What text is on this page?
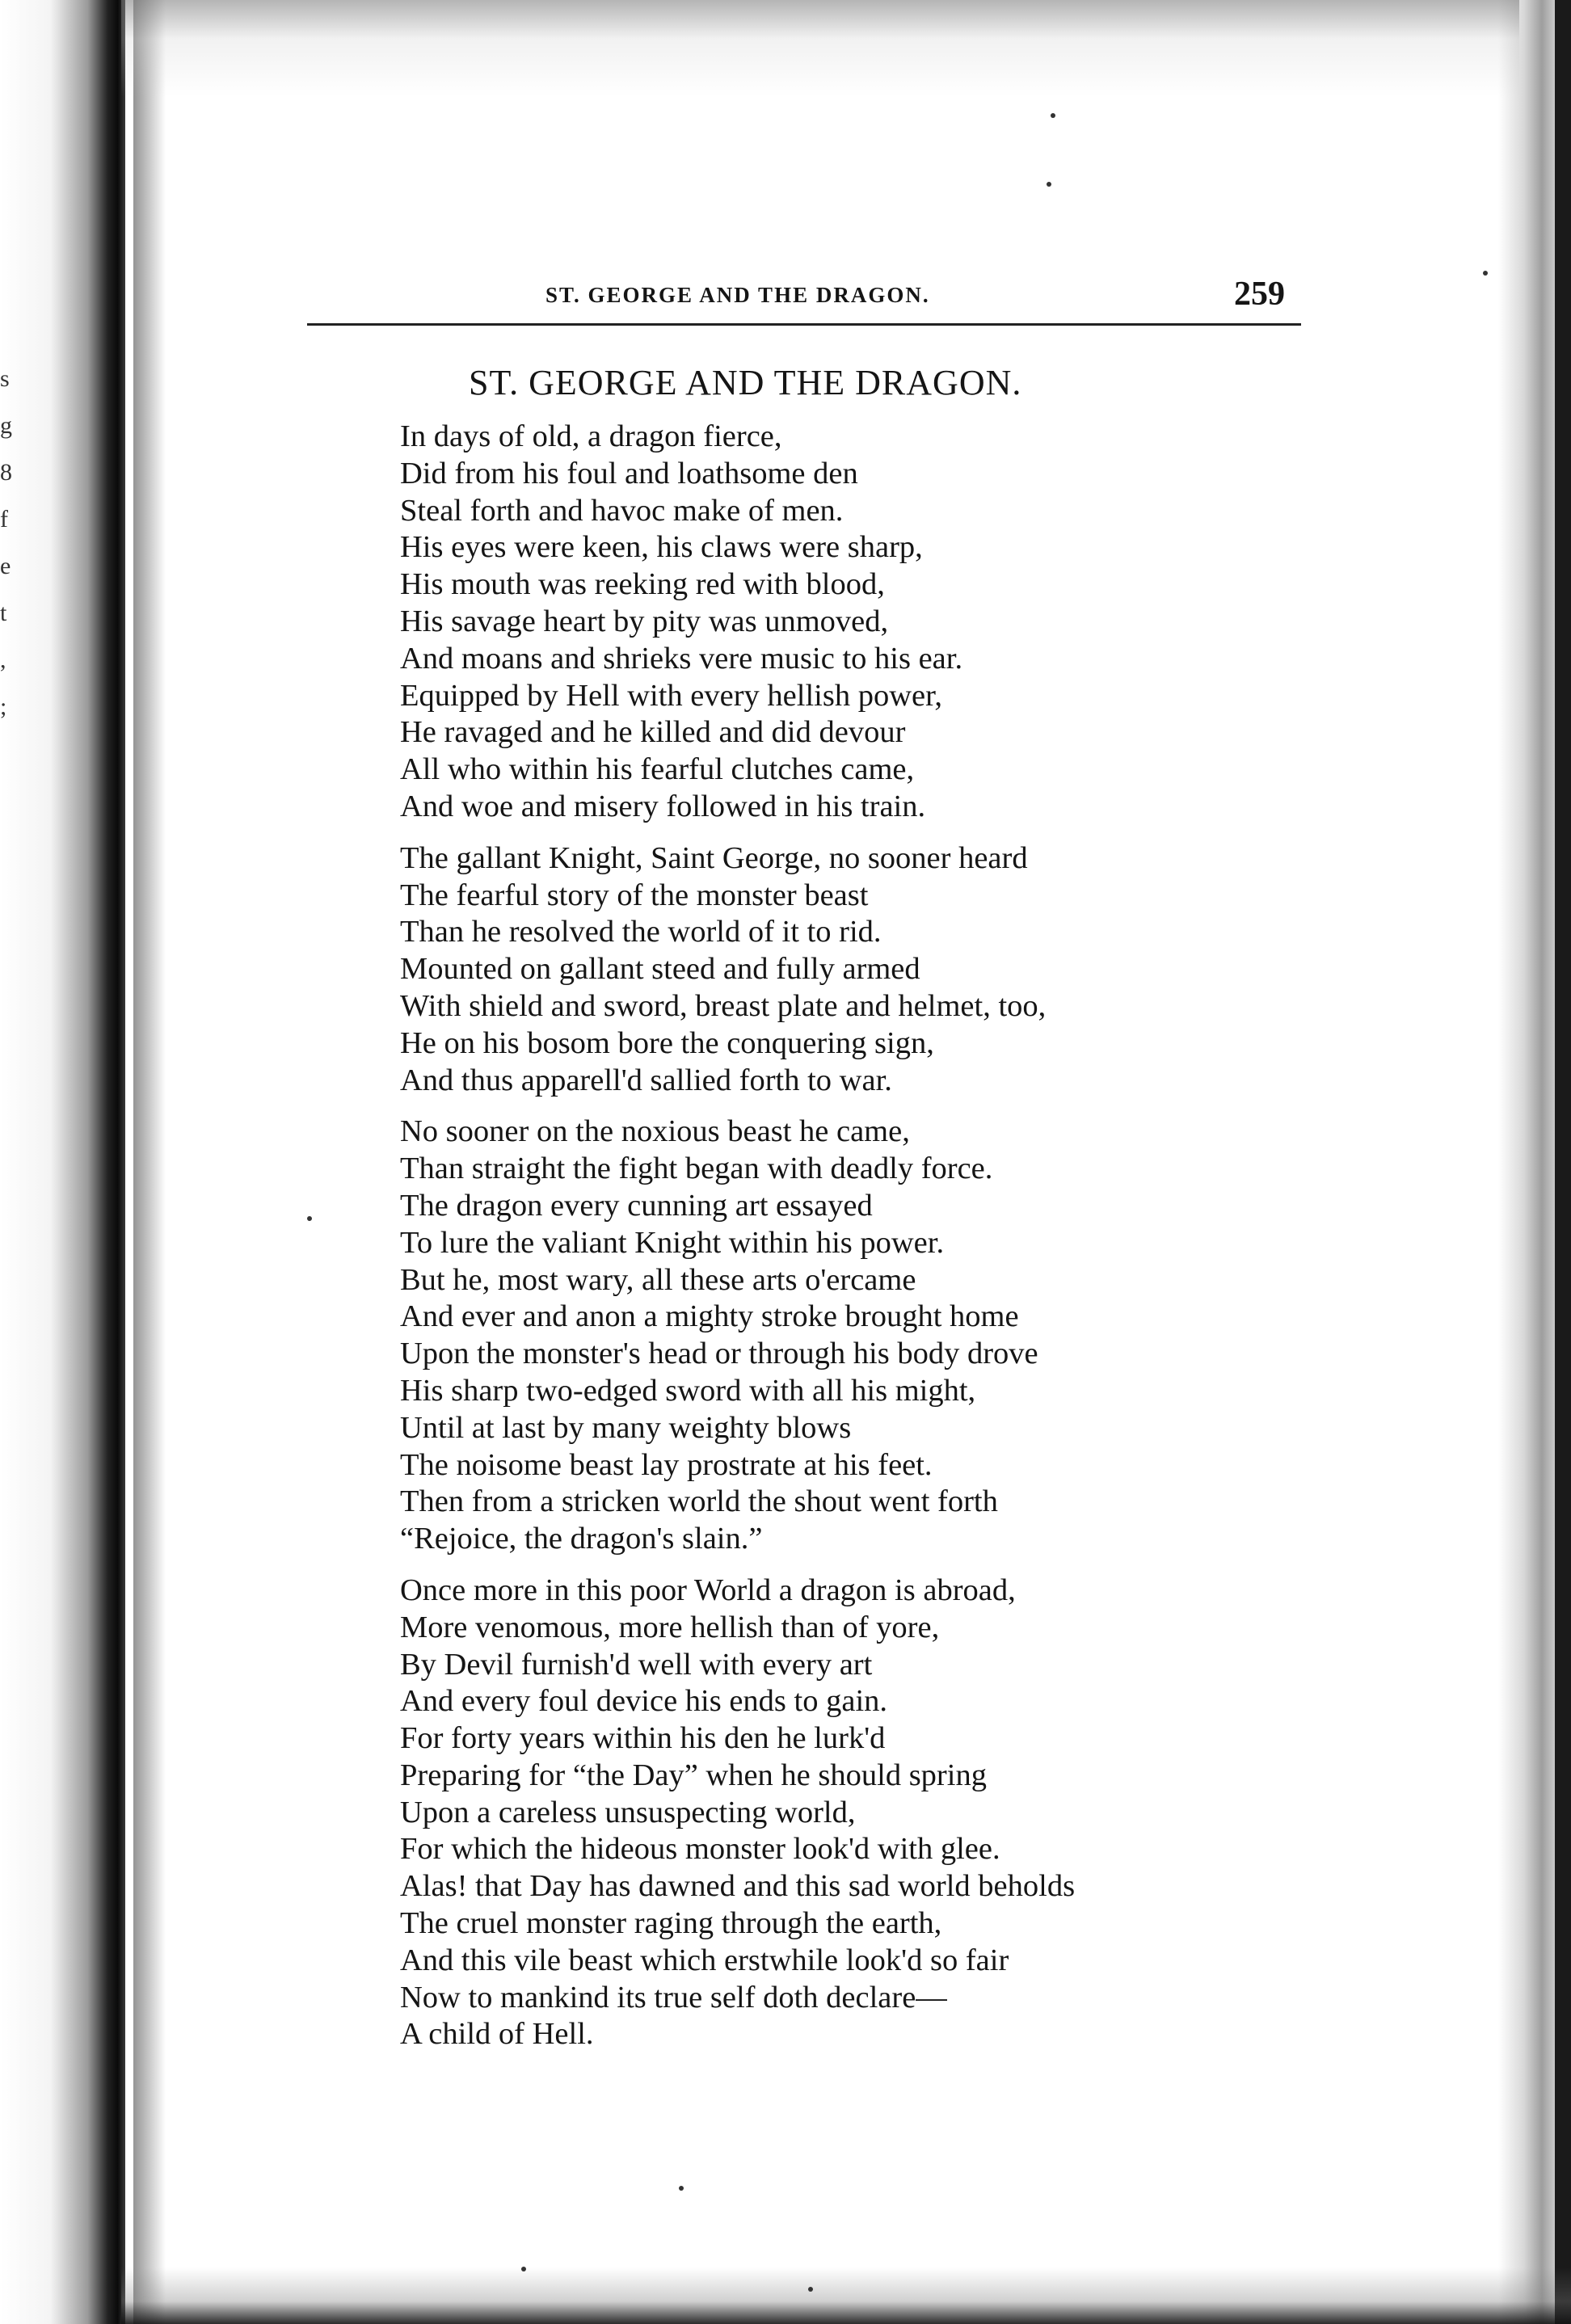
s
g
8
f
e
t
,
;
ST. GEORGE AND THE DRAGON.	259
ST. GEORGE AND THE DRAGON.
In days of old, a dragon fierce,
Did from his foul and loathsome den
Steal forth and havoc make of men.
His eyes were keen, his claws were sharp,
His mouth was reeking red with blood,
His savage heart by pity was unmoved,
And moans and shrieks ᴠere music to his ear.
Equipped by Hell with every hellish power,
He ravaged and he killed and did devour
All who within his fearful clutches came,
And woe and misery followed in his train.
The gallant Knight, Saint George, no sooner heard
The fearful story of the monster beast
Than he resolved the world of it to rid.
Mounted on gallant steed and fully armed
With shield and sword, breast plate and helmet, too,
He on his bosom bore the conquering sign,
And thus apparell'd sallied forth to war.
No sooner on the noxious beast he came,
Than straight the fight began with deadly force.
The dragon every cunning art essayed
To lure the valiant Knight within his power.
But he, most wary, all these arts o'ercame
And ever and anon a mighty stroke brought home
Upon the monster's head or through his body drove
His sharp two-edged sword with all his might,
Until at last by many weighty blows
The noisome beast lay prostrate at his feet.
Then from a stricken world the shout went forth
“Rejoice, the dragon's slain.”
Once more in this poor World a dragon is abroad,
More venomous, more hellish than of yore,
By Devil furnish'd well with every art
And every foul device his ends to gain.
For forty years within his den he lurk'd
Preparing for “the Day” when he should spring
Upon a careless unsuspecting world,
For which the hideous monster look'd with glee.
Alas! that Day has dawned and this sad world beholds
The cruel monster raging through the earth,
And this vile beast which erstwhile look'd so fair
Now to mankind its true self doth declare—
A child of Hell.
